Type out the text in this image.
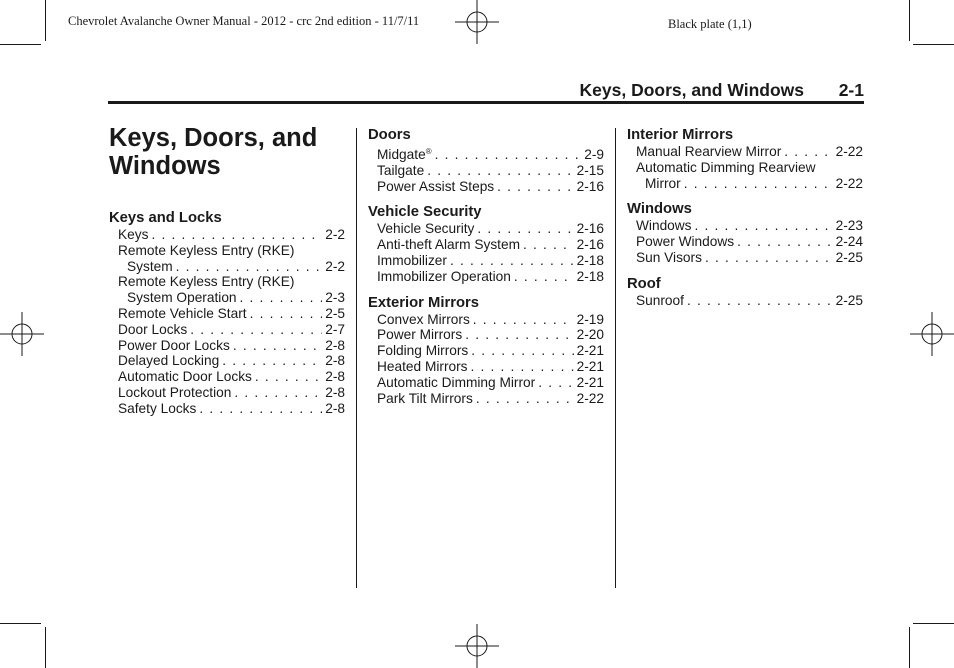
Chevrolet Avalanche Owner Manual - 2012 - crc 2nd edition - 11/7/11	Black plate (1,1)
Keys, Doors, and Windows 2-1
Keys, Doors, and Windows
Keys and Locks
Keys . . .	2-2
Remote Keyless Entry (RKE)
System . . .	2-2
Remote Keyless Entry (RKE)
System Operation . . .	2-3
Remote Vehicle Start . . .	2-5
Door Locks . . .	2-7
Power Door Locks . . .	2-8
Delayed Locking . . .	2-8
Automatic Door Locks . . .	2-8
Lockout Protection . . .	2-8
Safety Locks . . .	2-8
Doors
Midgate® . . .	2-9
Tailgate . . .	2-15
Power Assist Steps . . .	2-16
Vehicle Security
Vehicle Security . . .	2-16
Anti-theft Alarm System . . .	2-16
Immobilizer . . .	2-18
Immobilizer Operation . . .	2-18
Exterior Mirrors
Convex Mirrors . . .	2-19
Power Mirrors . . .	2-20
Folding Mirrors . . .	2-21
Heated Mirrors . . .	2-21
Automatic Dimming Mirror . . .	2-21
Park Tilt Mirrors . . .	2-22
Interior Mirrors
Manual Rearview Mirror . . .	2-22
Automatic Dimming Rearview
Mirror . . .	2-22
Windows
Windows . . .	2-23
Power Windows . . .	2-24
Sun Visors . . .	2-25
Roof
Sunroof . . .	2-25
